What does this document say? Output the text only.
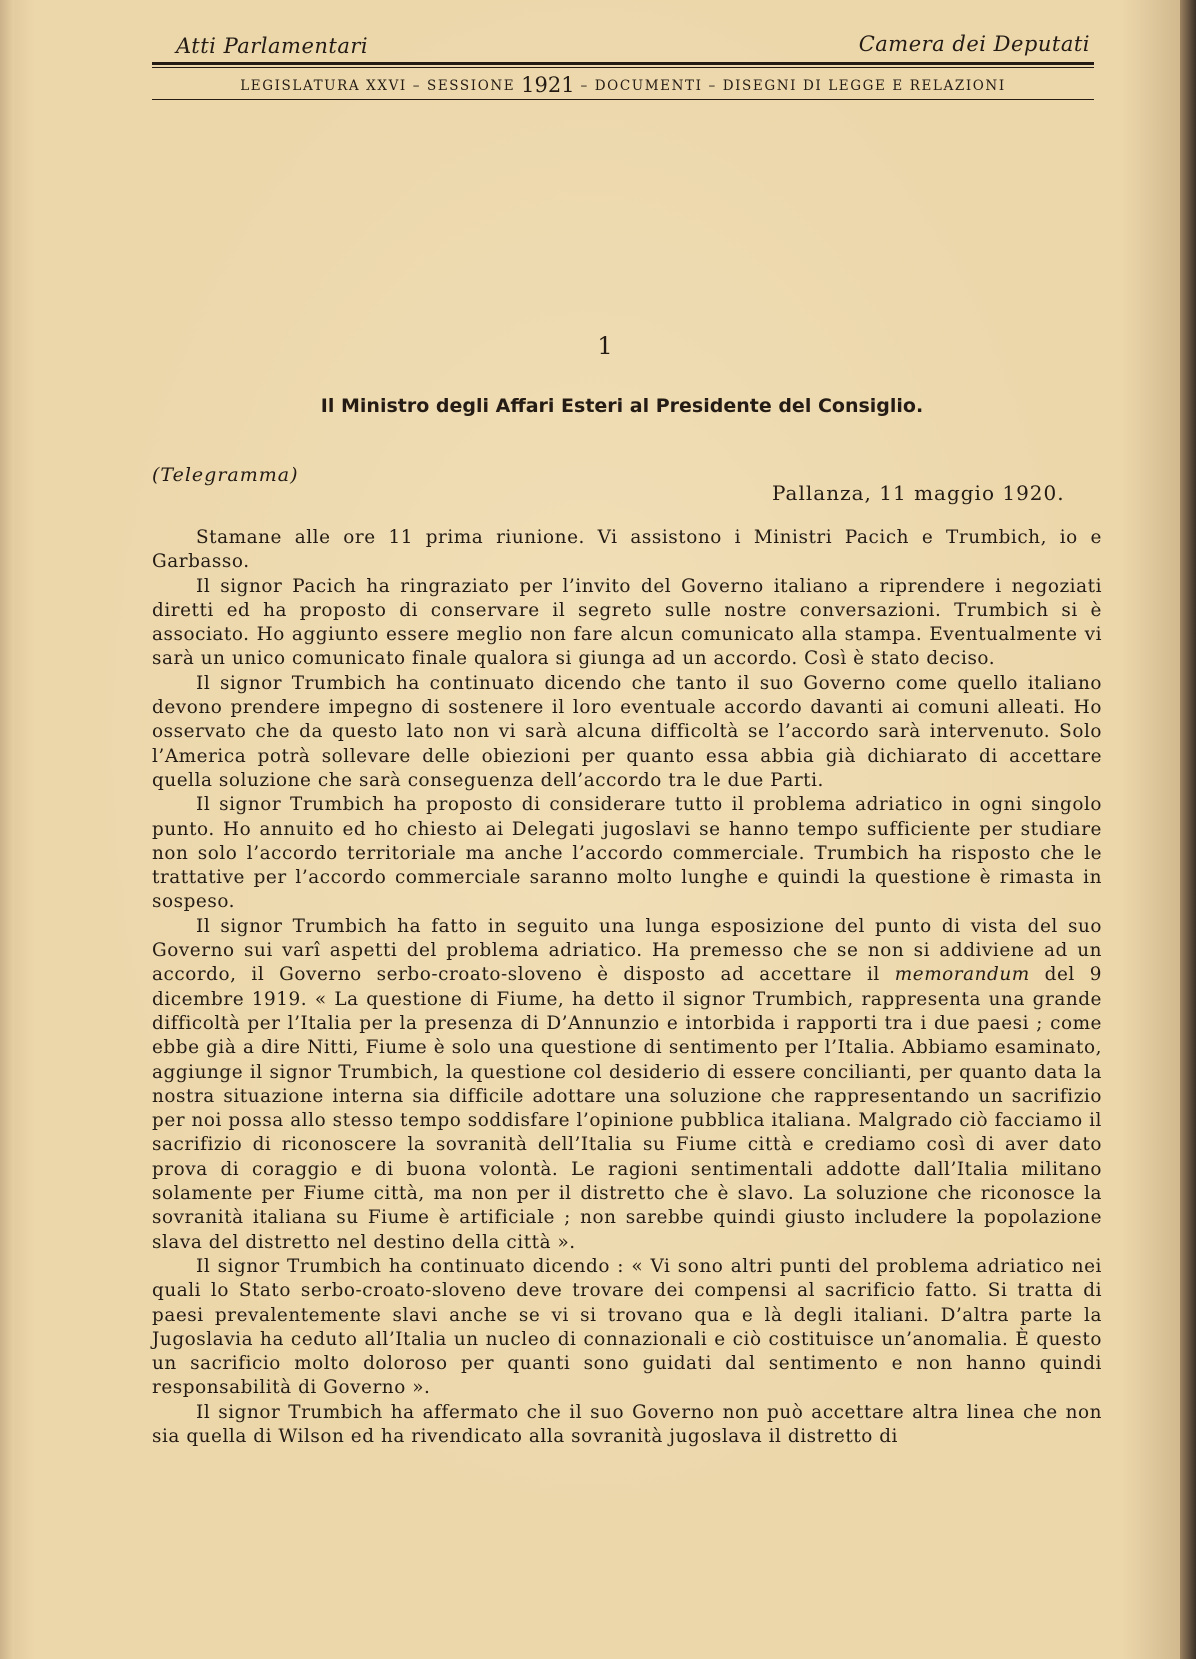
Atti Parlamentari	Camera dei Deputati
LEGISLATURA XXVI – SESSIONE 1921 – DOCUMENTI – DISEGNI DI LEGGE E RELAZIONI
1
Il Ministro degli Affari Esteri al Presidente del Consiglio.
(Telegramma)
Pallanza, 11 maggio 1920.

Stamane alle ore 11 prima riunione. Vi assistono i Ministri Pacich e Trumbich, io e Garbasso.

Il signor Pacich ha ringraziato per l’invito del Governo italiano a riprendere i negoziati diretti ed ha proposto di conservare il segreto sulle nostre conversazioni. Trumbich si è associato. Ho aggiunto essere meglio non fare alcun comunicato alla stampa. Eventualmente vi sarà un unico comunicato finale qualora si giunga ad un accordo. Così è stato deciso.

Il signor Trumbich ha continuato dicendo che tanto il suo Governo come quello italiano devono prendere impegno di sostenere il loro eventuale accordo davanti ai comuni alleati. Ho osservato che da questo lato non vi sarà alcuna difficoltà se l’accordo sarà intervenuto. Solo l’America potrà sollevare delle obiezioni per quanto essa abbia già dichiarato di accettare quella soluzione che sarà conseguenza dell’accordo tra le due Parti.

Il signor Trumbich ha proposto di considerare tutto il problema adriatico in ogni singolo punto. Ho annuito ed ho chiesto ai Delegati jugoslavi se hanno tempo sufficiente per studiare non solo l’accordo territoriale ma anche l’accordo commerciale. Trumbich ha risposto che le trattative per l’accordo commerciale saranno molto lunghe e quindi la questione è rimasta in sospeso.

Il signor Trumbich ha fatto in seguito una lunga esposizione del punto di vista del suo Governo sui varî aspetti del problema adriatico. Ha premesso che se non si addiviene ad un accordo, il Governo serbo-croato-sloveno è disposto ad accettare il memorandum del 9 dicembre 1919. « La questione di Fiume, ha detto il signor Trumbich, rappresenta una grande difficoltà per l’Italia per la presenza di D’Annunzio e intorbida i rapporti tra i due paesi ; come ebbe già a dire Nitti, Fiume è solo una questione di sentimento per l’Italia. Abbiamo esaminato, aggiunge il signor Trumbich, la questione col desiderio di essere concilianti, per quanto data la nostra situazione interna sia difficile adottare una soluzione che rappresentando un sacrifizio per noi possa allo stesso tempo soddisfare l’opinione pubblica italiana. Malgrado ciò facciamo il sacrifizio di riconoscere la sovranità dell’Italia su Fiume città e crediamo così di aver dato prova di coraggio e di buona volontà. Le ragioni sentimentali addotte dall’Italia militano solamente per Fiume città, ma non per il distretto che è slavo. La soluzione che riconosce la sovranità italiana su Fiume è artificiale ; non sarebbe quindi giusto includere la popolazione slava del distretto nel destino della città ».

Il signor Trumbich ha continuato dicendo : « Vi sono altri punti del problema adriatico nei quali lo Stato serbo-croato-sloveno deve trovare dei compensi al sacrificio fatto. Si tratta di paesi prevalentemente slavi anche se vi si trovano qua e là degli italiani. D’altra parte la Jugoslavia ha ceduto all’Italia un nucleo di connazionali e ciò costituisce un’anomalia. È questo un sacrificio molto doloroso per quanti sono guidati dal sentimento e non hanno quindi responsabilità di Governo ».

Il signor Trumbich ha affermato che il suo Governo non può accettare altra linea che non sia quella di Wilson ed ha rivendicato alla sovranità jugoslava il distretto di
